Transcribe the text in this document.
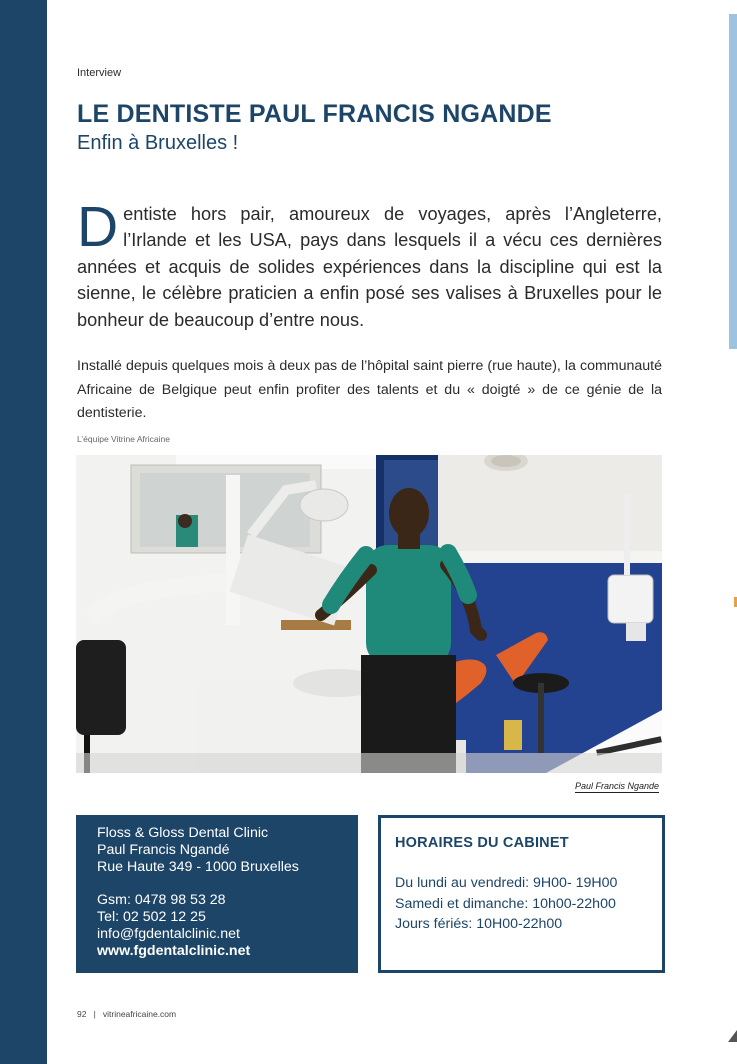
Interview
LE DENTISTE PAUL FRANCIS NGANDE
Enfin à Bruxelles !
Dentiste hors pair, amoureux de voyages, après l’Angleterre, l’Irlande et les USA, pays dans lesquels il a vécu ces dernières années et acquis de solides expériences dans la discipline qui est la sienne, le célèbre praticien a enfin posé ses valises à Bruxelles pour le bonheur de beaucoup d’entre nous.
Installé depuis quelques mois à deux pas de l’hôpital saint pierre (rue haute), la communauté Africaine de Belgique peut enfin profiter des talents et du « doigté » de ce génie de la dentisterie.
L’équipe Vitrine Africaine
Paul Francis Ngande
Floss & Gloss Dental Clinic
Paul Francis Ngandé
Rue Haute 349 - 1000 Bruxelles
Gsm: 0478 98 53 28
Tel: 02 502 12 25
info@fgdentalclinic.net
www.fgdentalclinic.net
HORAIRES DU CABINET
Du lundi au vendredi: 9H00- 19H00
Samedi et dimanche: 10h00-22h00
Jours fériés: 10H00-22h00
92 | vitrineafricaine.com
